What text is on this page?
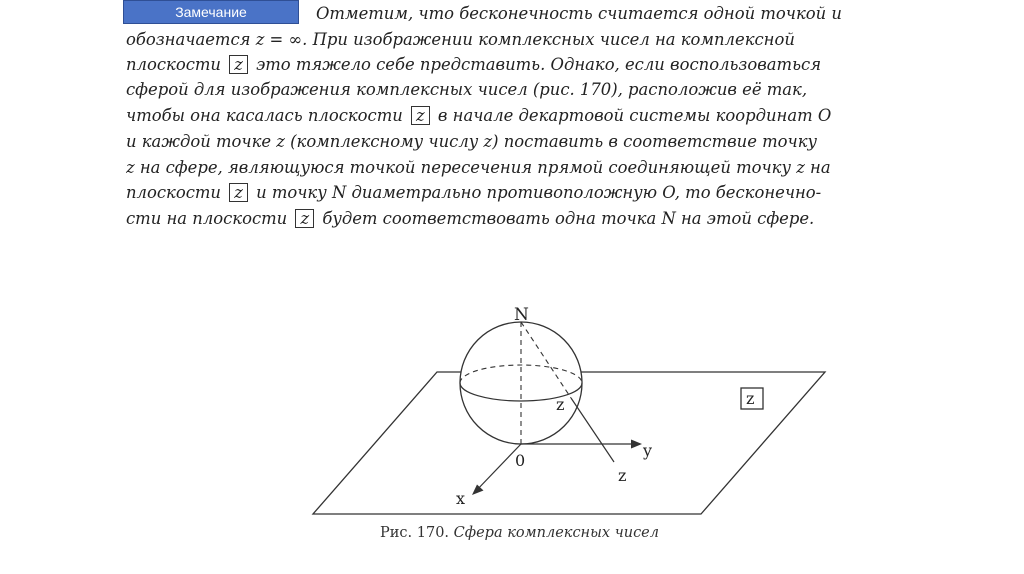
Замечание	Отметим, что бесконечность считается одной точкой и
обозначается z = ∞. При изображении комплексных чисел на комплексной
плоскости z это тяжело себе представить. Однако, если воспользоваться
сферой для изображения комплексных чисел (рис. 170), расположив её так,
чтобы она касалась плоскости z в начале декартовой системы координат O
и каждой точке z (комплексному числу z) поставить в соответствие точку
z на сфере, являющуюся точкой пересечения прямой соединяющей точку z на
плоскости z и точку N диаметрально противоположную O, то бесконечно-
сти на плоскости z будет соответствовать одна точка N на этой сфере.
N
z
z
0
x
y
z
Рис. 170. Сфера комплексных чисел
